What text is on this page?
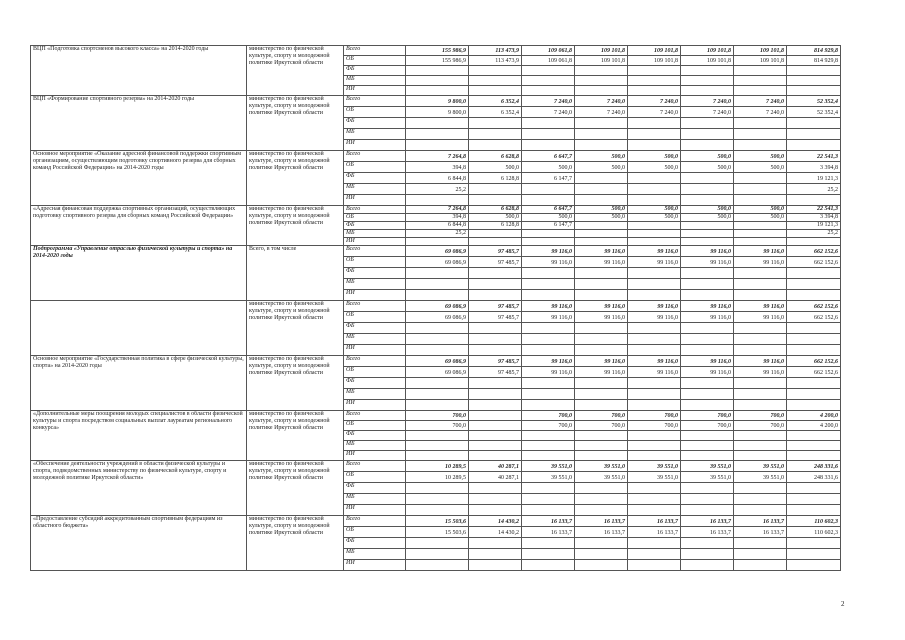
ВЦП «Подготовка спортсменов высокого класса» на 2014-2020 годы	министерство по физической культуре, спорту и молодежной политике Иркутской области	Всего	155 986,9	113 473,9	109 061,8	109 101,8	109 101,8	109 101,8	109 101,8	814 929,8
		ОБ	155 986,9	113 473,9	109 061,8	109 101,8	109 101,8	109 101,8	109 101,8	814 929,8
		ФБ								
		МБ								
		ИИ								
ВЦП «Формирование спортивного резерва» на 2014-2020 годы	министерство по физической культуре, спорту и молодежной политике Иркутской области	Всего	9 800,0	6 352,4	7 240,0	7 240,0	7 240,0	7 240,0	7 240,0	52 352,4
		ОБ	9 800,0	6 352,4	7 240,0	7 240,0	7 240,0	7 240,0	7 240,0	52 352,4
		ФБ								
		МБ								
		ИИ								
Основное мероприятие «Оказание адресной финансовой поддержки спортивным организациям, осуществляющим подготовку спортивного резерва для сборных команд Российской Федерации» на 2014-2020 годы	министерство по физической культуре, спорту и молодежной политике Иркутской области	Всего	7 264,8	6 628,8	6 647,7	500,0	500,0	500,0	500,0	22 541,3
		ОБ	394,8	500,0	500,0	500,0	500,0	500,0	500,0	3 394,8
		ФБ	6 844,8	6 128,8	6 147,7					19 121,3
		МБ	25,2							25,2
		ИИ								
«Адресная финансовая поддержка спортивных организаций, осуществляющих подготовку спортивного резерва для сборных команд Российской Федерации»	министерство по физической культуре, спорту и молодежной политике Иркутской области	Всего	7 264,8	6 628,8	6 647,7	500,0	500,0	500,0	500,0	22 541,3
		ОБ	394,8	500,0	500,0	500,0	500,0	500,0	500,0	3 394,8
		ФБ	6 844,8	6 128,8	6 147,7					19 121,3
		МБ	25,2							25,2
		ИИ								
Подпрограмма «Управление отраслью физической культуры и спорта» на 2014-2020 годы	Всего, в том числе	Всего	69 086,9	97 485,7	99 116,0	99 116,0	99 116,0	99 116,0	99 116,0	662 152,6
		ОБ	69 086,9	97 485,7	99 116,0	99 116,0	99 116,0	99 116,0	99 116,0	662 152,6
		ФБ								
		МБ								
		ИИ								
	министерство по физической культуре, спорту и молодежной политике Иркутской области	Всего	69 086,9	97 485,7	99 116,0	99 116,0	99 116,0	99 116,0	99 116,0	662 152,6
		ОБ	69 086,9	97 485,7	99 116,0	99 116,0	99 116,0	99 116,0	99 116,0	662 152,6
		ФБ								
		МБ								
		ИИ								
Основное мероприятие «Государственная политика в сфере физической культуры, спорта» на 2014-2020 годы	министерство по физической культуре, спорту и молодежной политике Иркутской области	Всего	69 086,9	97 485,7	99 116,0	99 116,0	99 116,0	99 116,0	99 116,0	662 152,6
		ОБ	69 086,9	97 485,7	99 116,0	99 116,0	99 116,0	99 116,0	99 116,0	662 152,6
		ФБ								
		МБ								
		ИИ								
«Дополнительные меры поощрения молодых специалистов в области физической культуры и спорта посредством социальных выплат лауреатам регионального конкурса»	министерство по физической культуре, спорту и молодежной политике Иркутской области	Всего	700,0		700,0	700,0	700,0	700,0	700,0	4 200,0
		ОБ	700,0		700,0	700,0	700,0	700,0	700,0	4 200,0
		ФБ								
		МБ								
		ИИ								
«Обеспечение деятельности учреждений в области физической культуры и спорта, подведомственных министерству по физической культуре, спорту и молодежной политике Иркутской области»	министерство по физической культуре, спорту и молодежной политике Иркутской области	Всего	10 289,5	40 287,1	39 551,0	39 551,0	39 551,0	39 551,0	39 551,0	248 331,6
		ОБ	10 289,5	40 287,1	39 551,0	39 551,0	39 551,0	39 551,0	39 551,0	248 331,6
		ФБ								
		МБ								
		ИИ								
«Предоставление субсидий аккредитованным спортивным федерациям из областного бюджета»	министерство по физической культуре, спорту и молодежной политике Иркутской области	Всего	15 503,6	14 430,2	16 133,7	16 133,7	16 133,7	16 133,7	16 133,7	110 602,3
		ОБ	15 503,6	14 430,2	16 133,7	16 133,7	16 133,7	16 133,7	16 133,7	110 602,3
		ФБ								
		МБ								
		ИИ								
2
